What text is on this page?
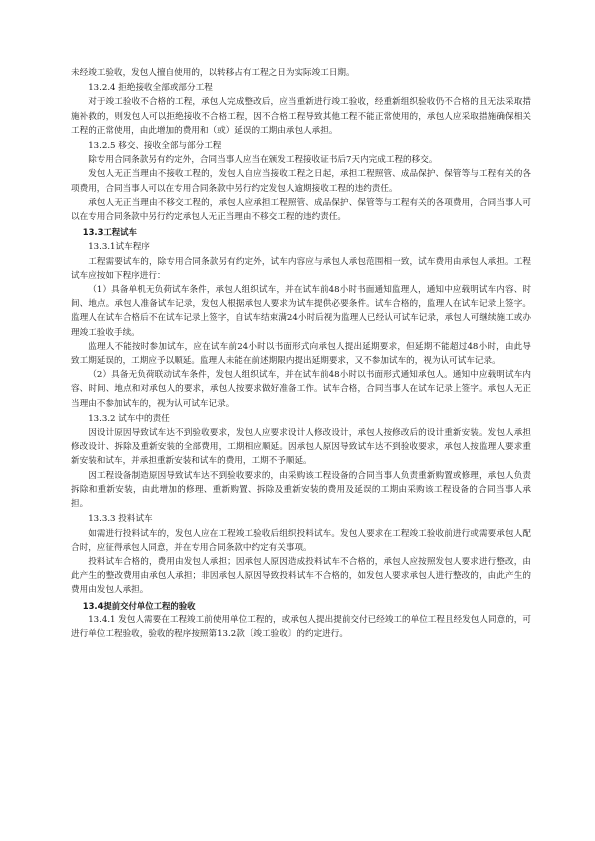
未经竣工验收，发包人擅自使用的，以转移占有工程之日为实际竣工日期。

13.2.4 拒绝接收全部或部分工程

对于竣工验收不合格的工程，承包人完成整改后，应当重新进行竣工验收，经重新组织验收仍不合格的且无法采取措施补救的，则发包人可以拒绝接收不合格工程，因不合格工程导致其他工程不能正常使用的，承包人应采取措施确保相关工程的正常使用，由此增加的费用和（或）延误的工期由承包人承担。

13.2.5 移交、接收全部与部分工程

除专用合同条款另有约定外，合同当事人应当在颁发工程接收证书后7天内完成工程的移交。

发包人无正当理由不接收工程的，发包人自应当接收工程之日起，承担工程照管、成品保护、保管等与工程有关的各项费用，合同当事人可以在专用合同条款中另行约定发包人逾期接收工程的违约责任。

承包人无正当理由不移交工程的，承包人应承担工程照管、成品保护、保管等与工程有关的各项费用，合同当事人可以在专用合同条款中另行约定承包人无正当理由不移交工程的违约责任。

13.3工程试车

13.3.1试车程序

工程需要试车的，除专用合同条款另有约定外，试车内容应与承包人承包范围相一致，试车费用由承包人承担。工程试车应按如下程序进行：

（1）具备单机无负荷试车条件，承包人组织试车，并在试车前48小时书面通知监理人，通知中应载明试车内容、时间、地点。承包人准备试车记录，发包人根据承包人要求为试车提供必要条件。试车合格的，监理人在试车记录上签字。监理人在试车合格后不在试车记录上签字，自试车结束满24小时后视为监理人已经认可试车记录，承包人可继续施工或办理竣工验收手续。

监理人不能按时参加试车，应在试车前24小时以书面形式向承包人提出延期要求，但延期不能超过48小时，由此导致工期延误的，工期应予以顺延。监理人未能在前述期限内提出延期要求，又不参加试车的，视为认可试车记录。

（2）具备无负荷联动试车条件，发包人组织试车，并在试车前48小时以书面形式通知承包人。通知中应载明试车内容、时间、地点和对承包人的要求，承包人按要求做好准备工作。试车合格，合同当事人在试车记录上签字。承包人无正当理由不参加试车的，视为认可试车记录。

13.3.2 试车中的责任

因设计原因导致试车达不到验收要求，发包人应要求设计人修改设计，承包人按修改后的设计重新安装。发包人承担修改设计、拆除及重新安装的全部费用，工期相应顺延。因承包人原因导致试车达不到验收要求，承包人按监理人要求重新安装和试车，并承担重新安装和试车的费用，工期不予顺延。

因工程设备制造原因导致试车达不到验收要求的，由采购该工程设备的合同当事人负责重新购置或修理，承包人负责拆除和重新安装，由此增加的修理、重新购置、拆除及重新安装的费用及延误的工期由采购该工程设备的合同当事人承担。

13.3.3 投料试车

如需进行投料试车的，发包人应在工程竣工验收后组织投料试车。发包人要求在工程竣工验收前进行或需要承包人配合时，应征得承包人同意，并在专用合同条款中约定有关事项。

投料试车合格的，费用由发包人承担；因承包人原因造成投料试车不合格的，承包人应按照发包人要求进行整改，由此产生的整改费用由承包人承担；非因承包人原因导致投料试车不合格的，如发包人要求承包人进行整改的，由此产生的费用由发包人承担。

13.4提前交付单位工程的验收

13.4.1 发包人需要在工程竣工前使用单位工程的，或承包人提出提前交付已经竣工的单位工程且经发包人同意的，可进行单位工程验收，验收的程序按照第13.2款〔竣工验收〕的约定进行。
